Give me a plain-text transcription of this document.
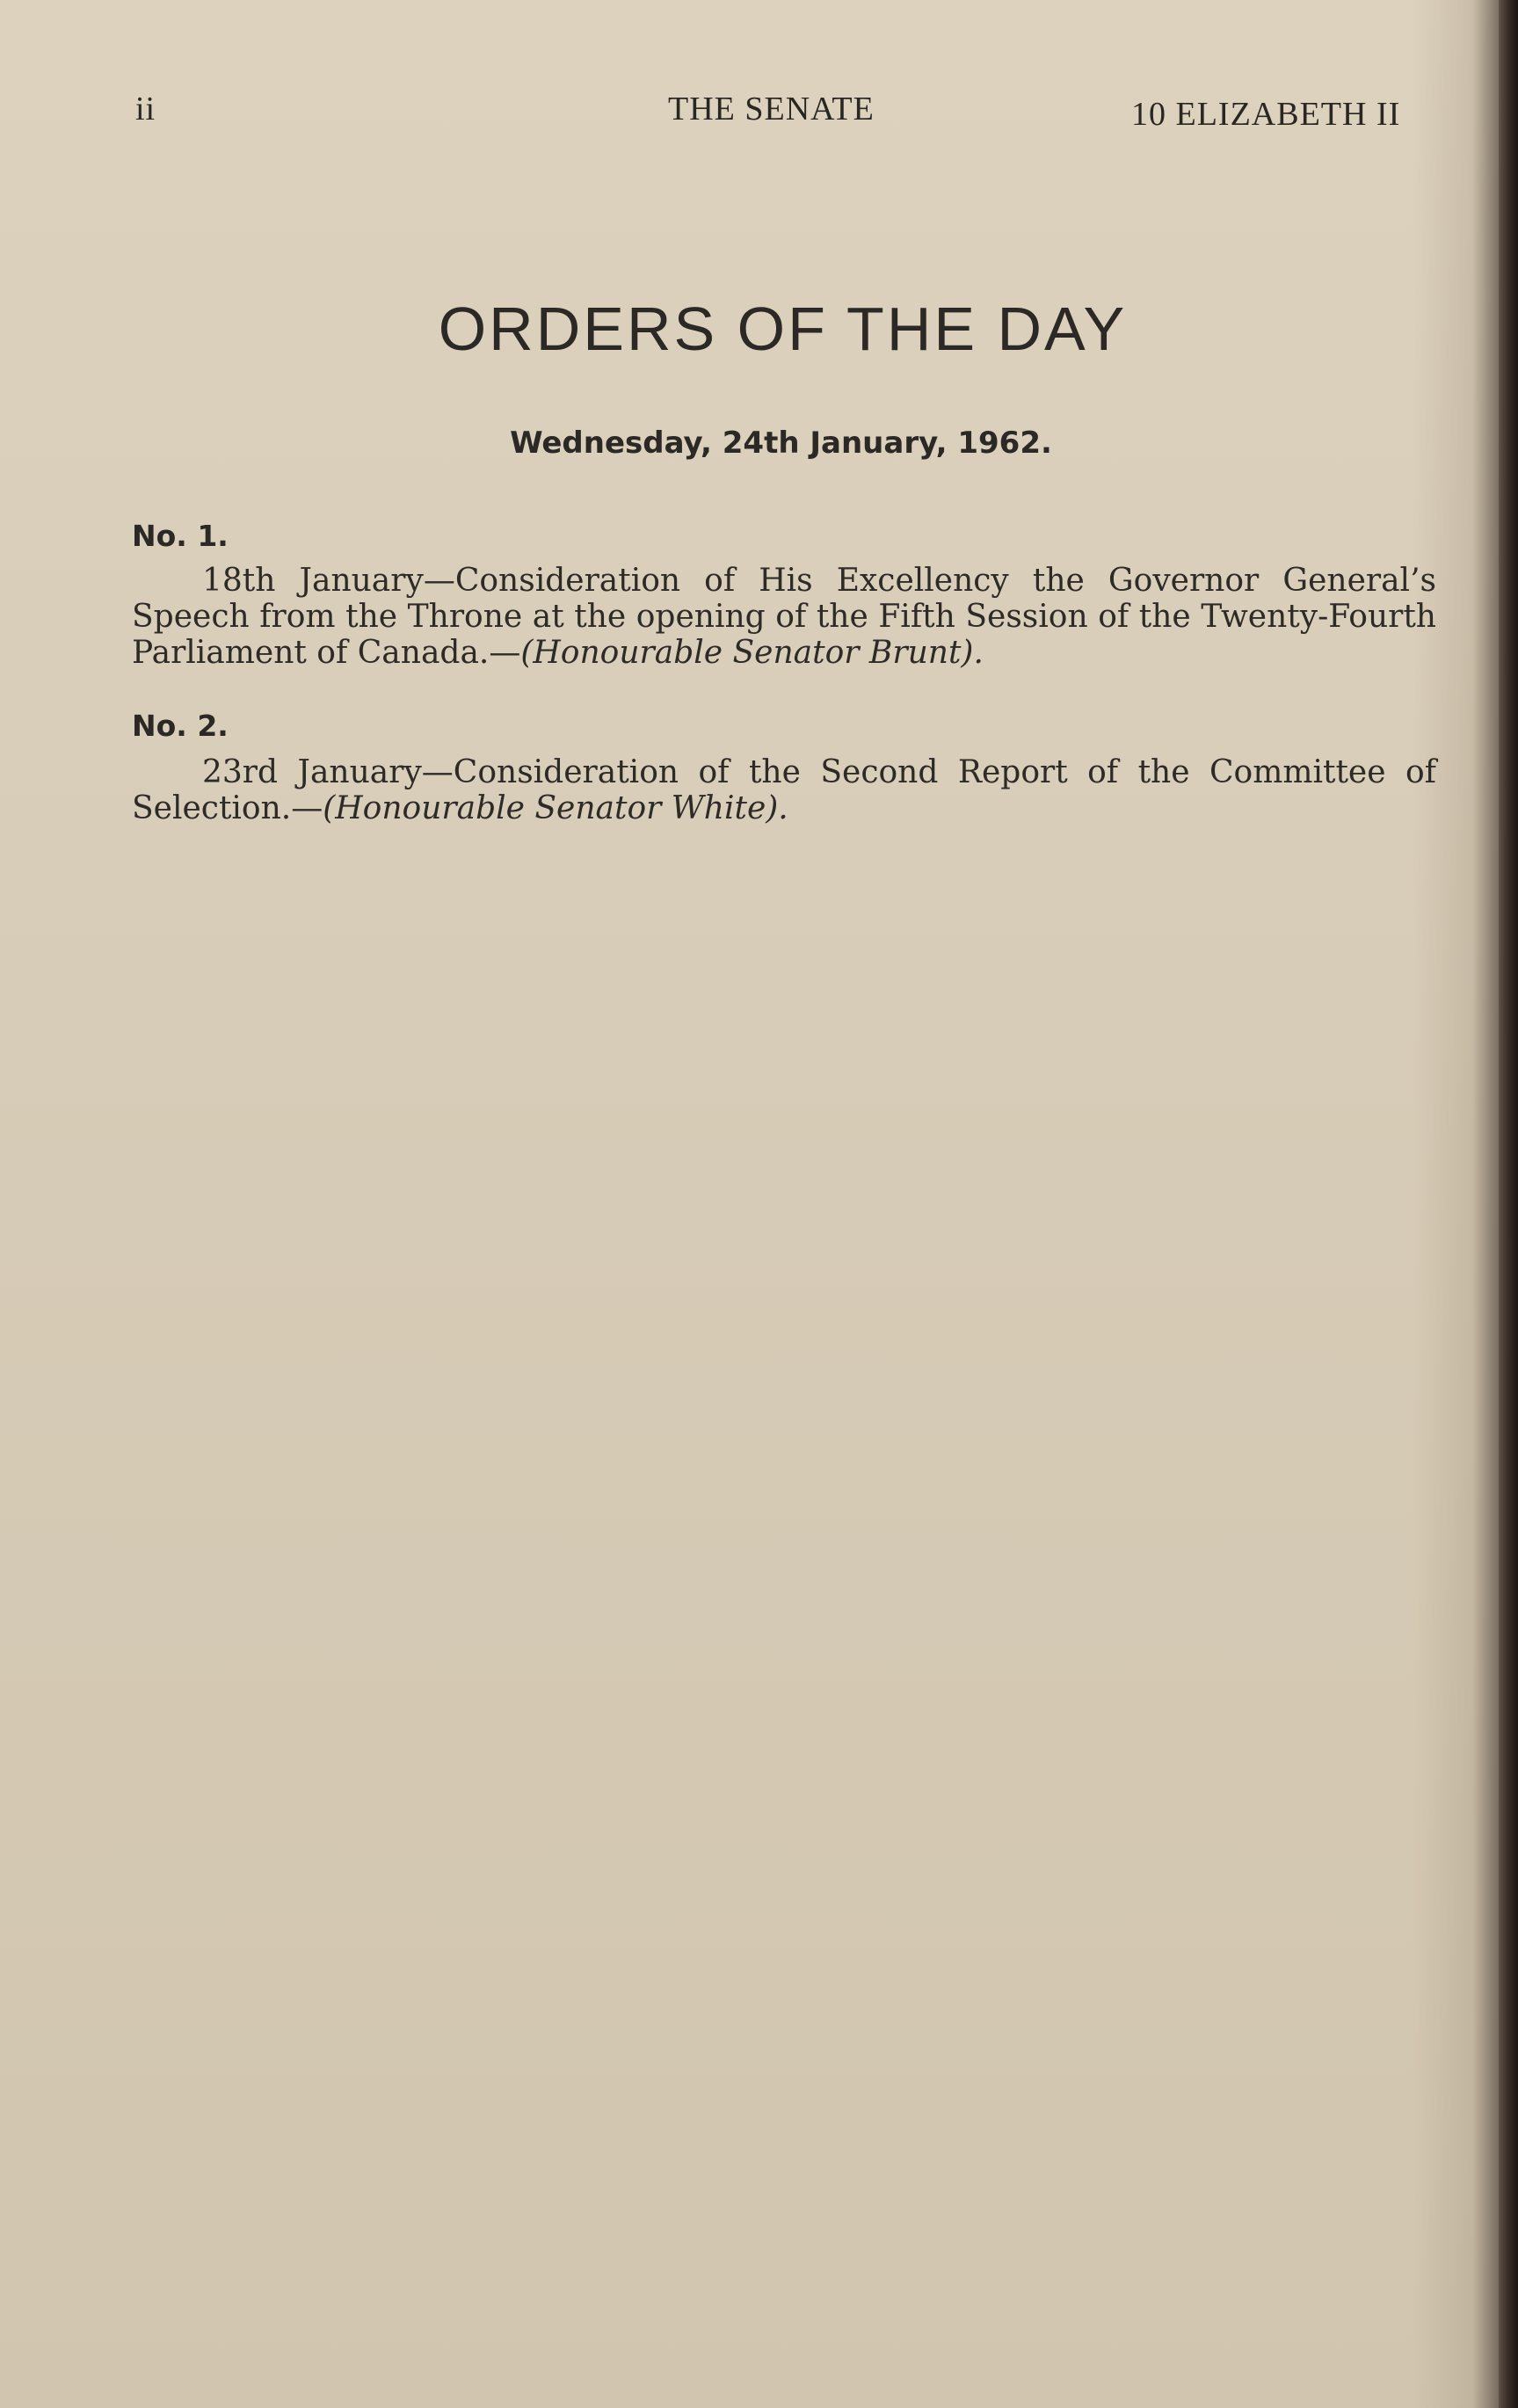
ii	THE SENATE	10 ELIZABETH II
ORDERS OF THE DAY
Wednesday, 24th January, 1962.
No. 1.
18th January—Consideration of His Excellency the Governor General’s Speech from the Throne at the opening of the Fifth Session of the Twenty-Fourth Parliament of Canada.—(Honourable Senator Brunt).
No. 2.
23rd January—Consideration of the Second Report of the Committee of Selection.—(Honourable Senator White).
